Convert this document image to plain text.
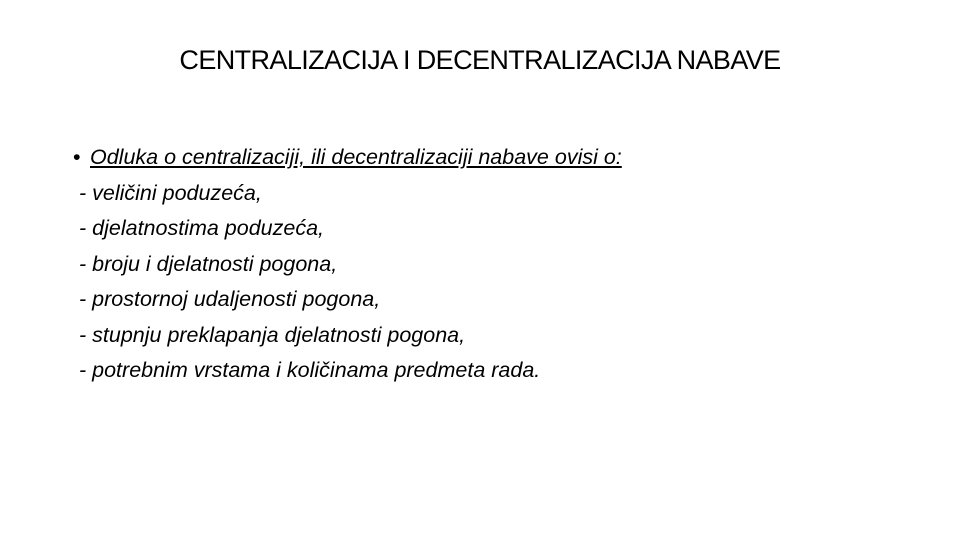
CENTRALIZACIJA I DECENTRALIZACIJA NABAVE
• Odluka o centralizaciji, ili decentralizaciji nabave ovisi o:
- veličini poduzeća,
- djelatnostima poduzeća,
- broju i djelatnosti pogona,
- prostornoj udaljenosti pogona,
- stupnju preklapanja djelatnosti pogona,
- potrebnim vrstama i količinama predmeta rada.
